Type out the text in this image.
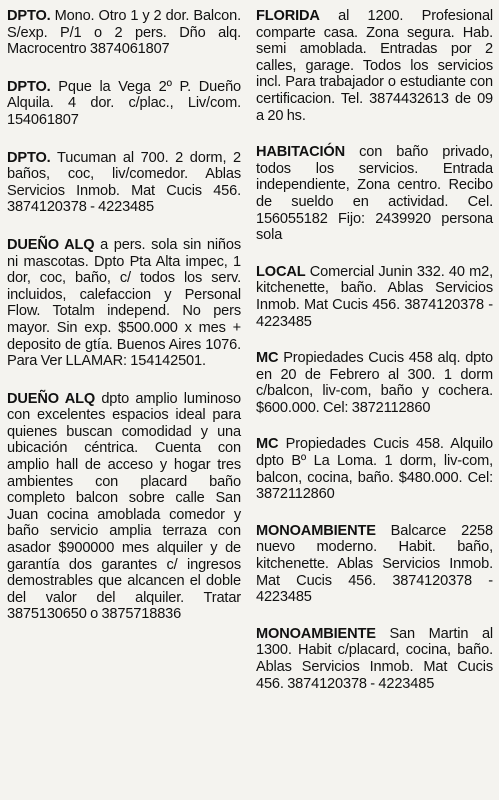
DPTO. Mono. Otro 1 y 2 dor. Balcon. S/exp. P/1 o 2 pers. Dño alq. Macrocentro 3874061807
DPTO. Pque la Vega 2º P. Dueño Alquila. 4 dor. c/plac., Liv/com. 154061807
DPTO. Tucuman al 700. 2 dorm, 2 baños, coc, liv/comedor. Ablas Servicios Inmob. Mat Cucis 456. 3874120378 - 4223485
DUEÑO ALQ a pers. sola sin niños ni mascotas. Dpto Pta Alta impec, 1 dor, coc, baño, c/ todos los serv. incluidos, calefaccion y Personal Flow. Totalm independ. No pers mayor. Sin exp. $500.000 x mes + deposito de gtía. Buenos Aires 1076. Para Ver LLAMAR: 154142501.
DUEÑO ALQ dpto amplio luminoso con excelentes espacios ideal para quienes buscan comodidad y una ubicación céntrica. Cuenta con amplio hall de acceso y hogar tres ambientes con placard baño completo balcon sobre calle San Juan cocina amoblada comedor y baño servicio amplia terraza con asador $900000 mes alquiler y de garantía dos garantes c/ ingresos demostrables que alcancen el doble del valor del alquiler. Tratar 3875130650 o 3875718836
FLORIDA al 1200. Profesional comparte casa. Zona segura. Hab. semi amoblada. Entradas por 2 calles, garage. Todos los servicios incl. Para trabajador o estudiante con certificacion. Tel. 3874432613 de 09 a 20 hs.
HABITACIÓN con baño privado, todos los servicios. Entrada independiente, Zona centro. Recibo de sueldo en actividad. Cel. 156055182 Fijo: 2439920 persona sola
LOCAL Comercial Junin 332. 40 m2, kitchenette, baño. Ablas Servicios Inmob. Mat Cucis 456. 3874120378 - 4223485
MC Propiedades Cucis 458 alq. dpto en 20 de Febrero al 300. 1 dorm c/balcon, liv-com, baño y cochera. $600.000. Cel: 3872112860
MC Propiedades Cucis 458. Alquilo dpto Bº La Loma. 1 dorm, liv-com, balcon, cocina, baño. $480.000. Cel: 3872112860
MONOAMBIENTE Balcarce 2258 nuevo moderno. Habit. baño, kitchenette. Ablas Servicios Inmob. Mat Cucis 456. 3874120378 - 4223485
MONOAMBIENTE San Martin al 1300. Habit c/placard, cocina, baño. Ablas Servicios Inmob. Mat Cucis 456. 3874120378 - 4223485
